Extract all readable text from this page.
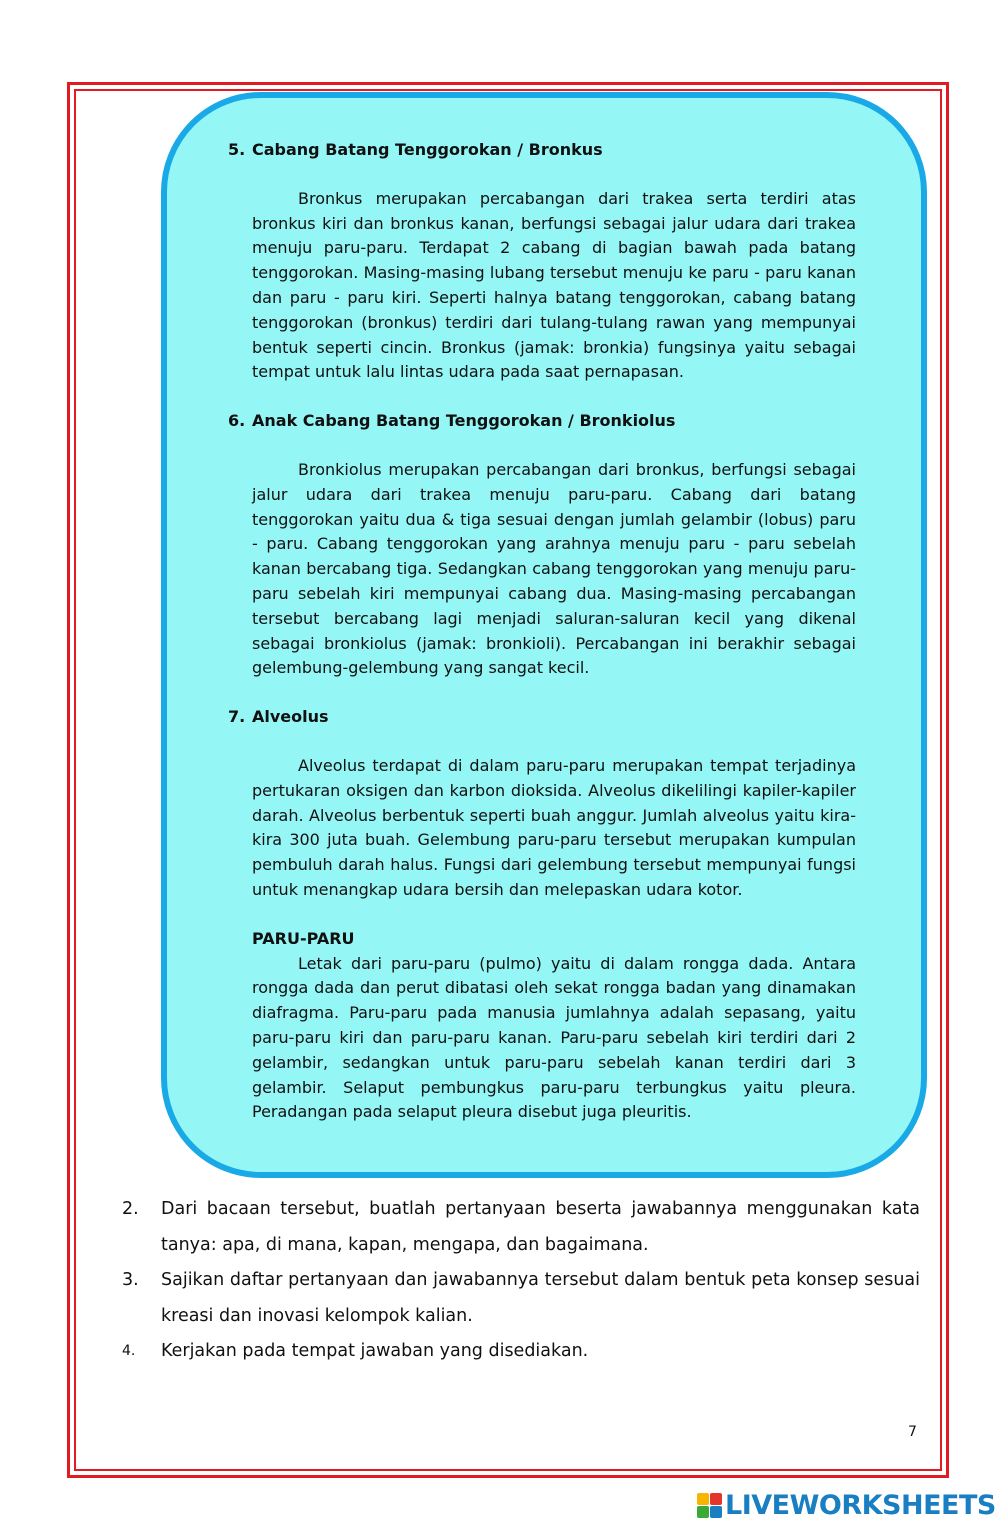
5. Cabang Batang Tenggorokan / Bronkus

Bronkus merupakan percabangan dari trakea serta terdiri atas bronkus kiri dan bronkus kanan, berfungsi sebagai jalur udara dari trakea menuju paru-paru. Terdapat 2 cabang di bagian bawah pada batang tenggorokan. Masing-masing lubang tersebut menuju ke paru - paru kanan dan paru - paru kiri. Seperti halnya batang tenggorokan, cabang batang tenggorokan (bronkus) terdiri dari tulang-tulang rawan yang mempunyai bentuk seperti cincin. Bronkus (jamak: bronkia) fungsinya yaitu sebagai tempat untuk lalu lintas udara pada saat pernapasan.

6. Anak Cabang Batang Tenggorokan / Bronkiolus

Bronkiolus merupakan percabangan dari bronkus, berfungsi sebagai jalur udara dari trakea menuju paru-paru. Cabang dari batang tenggorokan yaitu dua & tiga sesuai dengan jumlah gelambir (lobus) paru - paru. Cabang tenggorokan yang arahnya menuju paru - paru sebelah kanan bercabang tiga. Sedangkan cabang tenggorokan yang menuju paru-paru sebelah kiri mempunyai cabang dua. Masing-masing percabangan tersebut bercabang lagi menjadi saluran-saluran kecil yang dikenal sebagai bronkiolus (jamak: bronkioli). Percabangan ini berakhir sebagai gelembung-gelembung yang sangat kecil.

7. Alveolus

Alveolus terdapat di dalam paru-paru merupakan tempat terjadinya pertukaran oksigen dan karbon dioksida. Alveolus dikelilingi kapiler-kapiler darah. Alveolus berbentuk seperti buah anggur. Jumlah alveolus yaitu kira-kira 300 juta buah. Gelembung paru-paru tersebut merupakan kumpulan pembuluh darah halus. Fungsi dari gelembung tersebut mempunyai fungsi untuk menangkap udara bersih dan melepaskan udara kotor.

PARU-PARU

Letak dari paru-paru (pulmo) yaitu di dalam rongga dada. Antara rongga dada dan perut dibatasi oleh sekat rongga badan yang dinamakan diafragma. Paru-paru pada manusia jumlahnya adalah sepasang, yaitu paru-paru kiri dan paru-paru kanan. Paru-paru sebelah kiri terdiri dari 2 gelambir, sedangkan untuk paru-paru sebelah kanan terdiri dari 3 gelambir. Selaput pembungkus paru-paru terbungkus yaitu pleura. Peradangan pada selaput pleura disebut juga pleuritis.

2.	Dari bacaan tersebut, buatlah pertanyaan beserta jawabannya menggunakan kata tanya: apa, di mana, kapan, mengapa, dan bagaimana.
3.	Sajikan daftar pertanyaan dan jawabannya tersebut dalam bentuk peta konsep sesuai kreasi dan inovasi kelompok kalian.
4.	Kerjakan pada tempat jawaban yang disediakan.
7
LIVEWORKSHEETS
